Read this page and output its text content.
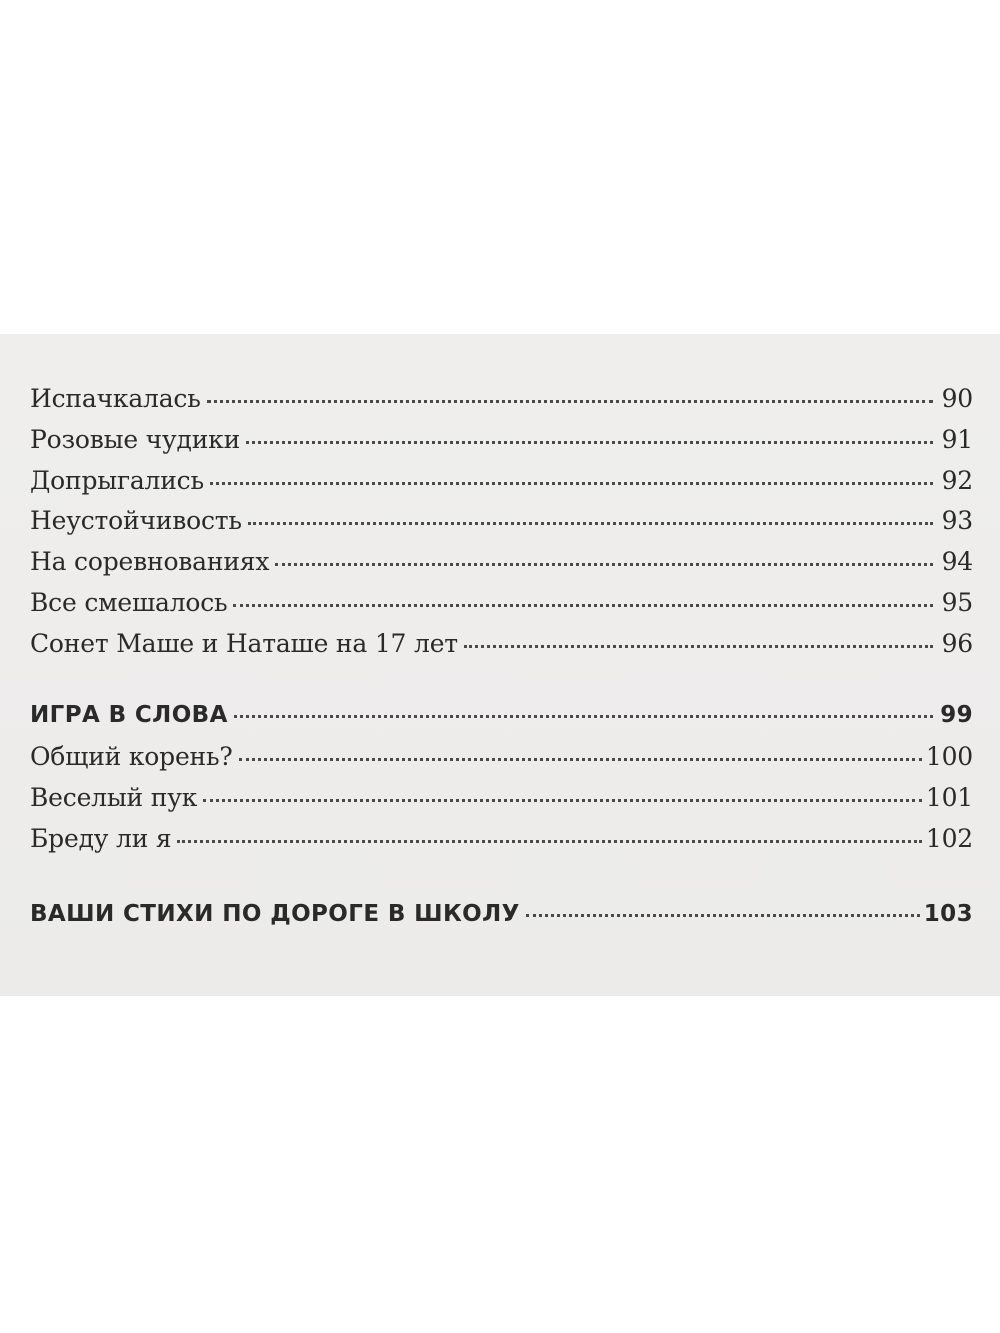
Испачкалась	90
Розовые чудики	91
Допрыгались	92
Неустойчивость	93
На соревнованиях	94
Все смешалось	95
Сонет Маше и Наташе на 17 лет	96
ИГРА В СЛОВА	99
Общий корень?	100
Веселый пук	101
Бреду ли я	102
ВАШИ СТИХИ ПО ДОРОГЕ В ШКОЛУ	103
